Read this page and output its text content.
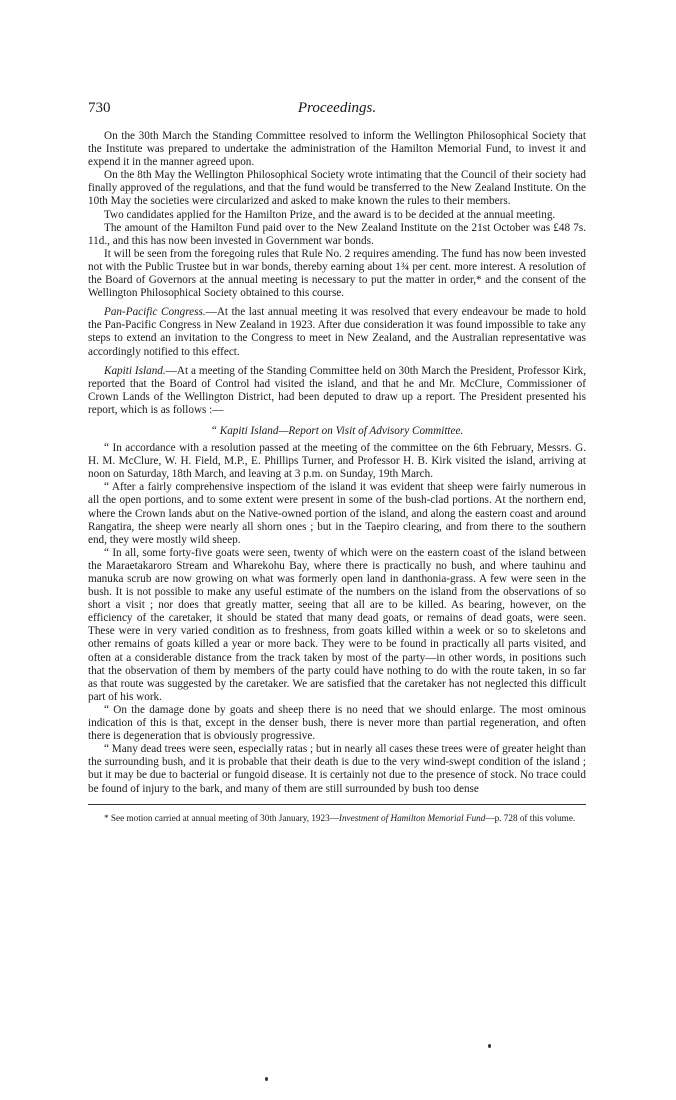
730	Proceedings.

On the 30th March the Standing Committee resolved to inform the Wellington Philosophical Society that the Institute was prepared to undertake the administration of the Hamilton Memorial Fund, to invest it and expend it in the manner agreed upon.

On the 8th May the Wellington Philosophical Society wrote intimating that the Council of their society had finally approved of the regulations, and that the fund would be transferred to the New Zealand Institute. On the 10th May the societies were circularized and asked to make known the rules to their members.

Two candidates applied for the Hamilton Prize, and the award is to be decided at the annual meeting.

The amount of the Hamilton Fund paid over to the New Zealand Institute on the 21st October was £48 7s. 11d., and this has now been invested in Government war bonds.

It will be seen from the foregoing rules that Rule No. 2 requires amending. The fund has now been invested not with the Public Trustee but in war bonds, thereby earning about 1¾ per cent. more interest. A resolution of the Board of Governors at the annual meeting is necessary to put the matter in order,* and the consent of the Wellington Philosophical Society obtained to this course.

Pan-Pacific Congress.—At the last annual meeting it was resolved that every endeavour be made to hold the Pan-Pacific Congress in New Zealand in 1923. After due consideration it was found impossible to take any steps to extend an invitation to the Congress to meet in New Zealand, and the Australian representative was accordingly notified to this effect.

Kapiti Island.—At a meeting of the Standing Committee held on 30th March the President, Professor Kirk, reported that the Board of Control had visited the island, and that he and Mr. McClure, Commissioner of Crown Lands of the Wellington District, had been deputed to draw up a report. The President presented his report, which is as follows :—

“ Kapiti Island—Report on Visit of Advisory Committee.

“ In accordance with a resolution passed at the meeting of the committee on the 6th February, Messrs. G. H. M. McClure, W. H. Field, M.P., E. Phillips Turner, and Professor H. B. Kirk visited the island, arriving at noon on Saturday, 18th March, and leaving at 3 p.m. on Sunday, 19th March.

“ After a fairly comprehensive inspectiom of the island it was evident that sheep were fairly numerous in all the open portions, and to some extent were present in some of the bush-clad portions. At the northern end, where the Crown lands abut on the Native-owned portion of the island, and along the eastern coast and around Rangatira, the sheep were nearly all shorn ones ; but in the Taepiro clearing, and from there to the southern end, they were mostly wild sheep.

“ In all, some forty-five goats were seen, twenty of which were on the eastern coast of the island between the Maraetakaroro Stream and Wharekohu Bay, where there is practically no bush, and where tauhinu and manuka scrub are now growing on what was formerly open land in danthonia-grass. A few were seen in the bush. It is not possible to make any useful estimate of the numbers on the island from the observations of so short a visit ; nor does that greatly matter, seeing that all are to be killed. As bearing, however, on the efficiency of the caretaker, it should be stated that many dead goats, or remains of dead goats, were seen. These were in very varied condition as to freshness, from goats killed within a week or so to skeletons and other remains of goats killed a year or more back. They were to be found in practically all parts visited, and often at a considerable distance from the track taken by most of the party—in other words, in positions such that the observation of them by members of the party could have nothing to do with the route taken, in so far as that route was suggested by the caretaker. We are satisfied that the caretaker has not neglected this difficult part of his work.

“ On the damage done by goats and sheep there is no need that we should enlarge. The most ominous indication of this is that, except in the denser bush, there is never more than partial regeneration, and often there is degeneration that is obviously progressive.

“ Many dead trees were seen, especially ratas ; but in nearly all cases these trees were of greater height than the surrounding bush, and it is probable that their death is due to the very wind-swept condition of the island ; but it may be due to bacterial or fungoid disease. It is certainly not due to the presence of stock. No trace could be found of injury to the bark, and many of them are still surrounded by bush too dense

* See motion carried at annual meeting of 30th January, 1923—Investment of Hamilton Memorial Fund—p. 728 of this volume.
